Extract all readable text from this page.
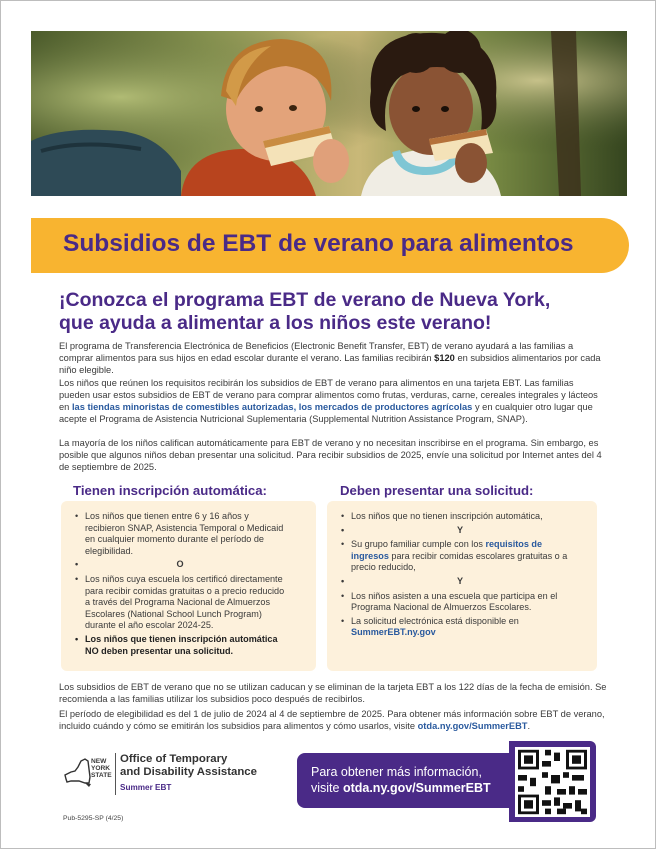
Subsidios de EBT de verano para alimentos
¡Conozca el programa EBT de verano de Nueva York,
que ayuda a alimentar a los niños este verano!

El programa de Transferencia Electrónica de Beneficios (Electronic Benefit Transfer, EBT) de verano ayudará a las familias a comprar alimentos para sus hijos en edad escolar durante el verano. Las familias recibirán $120 en subsidios alimentarios por cada niño elegible.

Los niños que reúnen los requisitos recibirán los subsidios de EBT de verano para alimentos en una tarjeta EBT. Las familias pueden usar estos subsidios de EBT de verano para comprar alimentos como frutas, verduras, carne, cereales integrales y lácteos en las tiendas minoristas de comestibles autorizadas, los mercados de productores agrícolas y en cualquier otro lugar que acepte el Programa de Asistencia Nutricional Suplementaria (Supplemental Nutrition Assistance Program, SNAP).

La mayoría de los niños califican automáticamente para EBT de verano y no necesitan inscribirse en el programa. Sin embargo, es posible que algunos niños deban presentar una solicitud. Para recibir subsidios de 2025, envíe una solicitud por Internet antes del 4 de septiembre de 2025.

Tienen inscripción automática:	Deben presentar una solicitud:
• Los niños que tienen entre 6 y 16 años y recibieron SNAP, Asistencia Temporal o Medicaid en cualquier momento durante el período de elegibilidad.
• O
• Los niños cuya escuela los certificó directamente para recibir comidas gratuitas o a precio reducido a través del Programa Nacional de Almuerzos Escolares (National School Lunch Program) durante el año escolar 2024-25.
• Los niños que tienen inscripción automática NO deben presentar una solicitud.
• Los niños que no tienen inscripción automática,
• Y
• Su grupo familiar cumple con los requisitos de ingresos para recibir comidas escolares gratuitas o a precio reducido,
• Y
• Los niños asisten a una escuela que participa en el Programa Nacional de Almuerzos Escolares.
• La solicitud electrónica está disponible en SummerEBT.ny.gov

Los subsidios de EBT de verano que no se utilizan caducan y se eliminan de la tarjeta EBT a los 122 días de la fecha de emisión. Se recomienda a las familias utilizar los subsidios poco después de recibirlos.

El período de elegibilidad es del 1 de julio de 2024 al 4 de septiembre de 2025. Para obtener más información sobre EBT de verano, incluido cuándo y cómo se emitirán los subsidios para alimentos y cómo usarlos, visite otda.ny.gov/SummerEBT.

NEW
YORK
STATE
Office of Temporary
and Disability Assistance
Summer EBT
Para obtener más información,
visite otda.ny.gov/SummerEBT
Pub-5295-SP (4/25)
